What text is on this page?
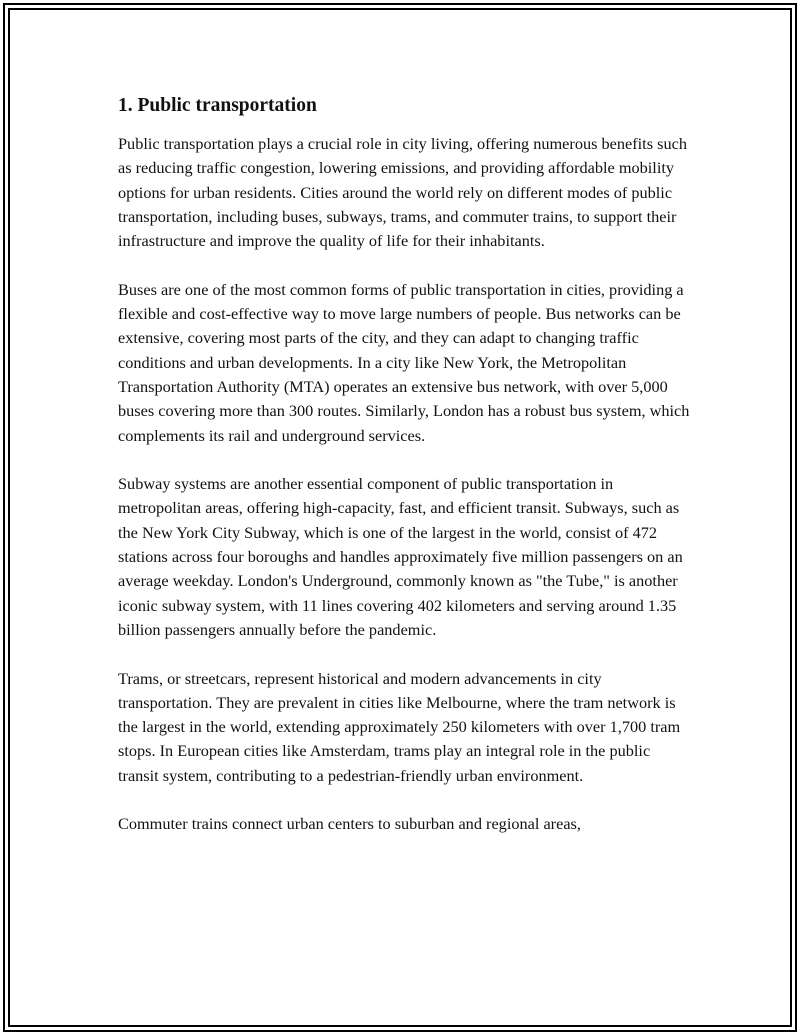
1. Public transportation

Public transportation plays a crucial role in city living, offering numerous benefits such as reducing traffic congestion, lowering emissions, and providing affordable mobility options for urban residents. Cities around the world rely on different modes of public transportation, including buses, subways, trams, and commuter trains, to support their infrastructure and improve the quality of life for their inhabitants.

Buses are one of the most common forms of public transportation in cities, providing a flexible and cost-effective way to move large numbers of people. Bus networks can be extensive, covering most parts of the city, and they can adapt to changing traffic conditions and urban developments. In a city like New York, the Metropolitan Transportation Authority (MTA) operates an extensive bus network, with over 5,000 buses covering more than 300 routes. Similarly, London has a robust bus system, which complements its rail and underground services.

Subway systems are another essential component of public transportation in metropolitan areas, offering high-capacity, fast, and efficient transit. Subways, such as the New York City Subway, which is one of the largest in the world, consist of 472 stations across four boroughs and handles approximately five million passengers on an average weekday. London's Underground, commonly known as "the Tube," is another iconic subway system, with 11 lines covering 402 kilometers and serving around 1.35 billion passengers annually before the pandemic.

Trams, or streetcars, represent historical and modern advancements in city transportation. They are prevalent in cities like Melbourne, where the tram network is the largest in the world, extending approximately 250 kilometers with over 1,700 tram stops. In European cities like Amsterdam, trams play an integral role in the public transit system, contributing to a pedestrian-friendly urban environment.

Commuter trains connect urban centers to suburban and regional areas,
